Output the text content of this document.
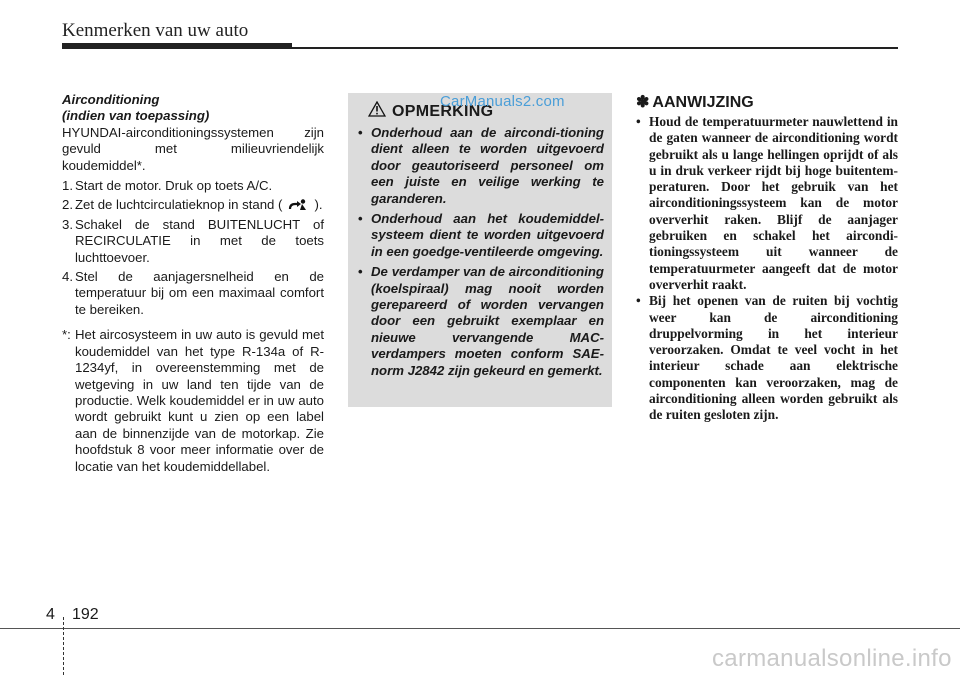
Kenmerken van uw auto
Airconditioning
(indien van toepassing)

HYUNDAI-airconditioningssystemen zijn gevuld met milieuvriendelijk

koudemiddel*.

1. Start de motor. Druk op toets A/C.
2. Zet de luchtcirculatieknop in stand ( ).
3. Schakel de stand BUITENLUCHT of RECIRCULATIE in met de toets luchttoevoer.
4. Stel de aanjagersnelheid en de temperatuur bij om een maximaal comfort te bereiken.
*: Het aircosysteem in uw auto is gevuld met koudemiddel van het type R-134a of R- 1234yf, in overeenstemming met de wetgeving in uw land ten tijde van de productie. Welk koudemiddel er in uw auto wordt gebruikt kunt u zien op een label aan de binnenzijde van de motorkap. Zie hoofdstuk 8 voor meer informatie over de locatie van het koudemiddellabel.
OPMERKING
CarManuals2.com
• Onderhoud aan de aircondi-tioning dient alleen te worden uitgevoerd door geautoriseerd personeel om een juiste en veilige werking te garanderen.
• Onderhoud aan het koudemiddel-systeem dient te worden uitgevoerd in een goedge-ventileerde omgeving.
• De verdamper van de airconditioning (koelspiraal) mag nooit worden gerepareerd of worden vervangen door een gebruikt exemplaar en nieuwe vervangende MAC-verdampers moeten conform SAE-norm J2842 zijn gekeurd en gemerkt.
✽ AANWIJZING
• Houd de temperatuurmeter nauwlettend in de gaten wanneer de airconditioning wordt gebruikt als u lange hellingen oprijdt of als u in druk verkeer rijdt bij hoge buitentem-peraturen. Door het gebruik van het airconditioningssysteem kan de motor oververhit raken. Blijf de aanjager gebruiken en schakel het aircondi-tioningssysteem uit wanneer de temperatuurmeter aangeeft dat de motor oververhit raakt.
• Bij het openen van de ruiten bij vochtig weer kan de airconditioning druppelvorming in het interieur veroorzaken. Omdat te veel vocht in het interieur schade aan elektrische componenten kan veroorzaken, mag de airconditioning alleen worden gebruikt als de ruiten gesloten zijn.
4 192
carmanualsonline.info
